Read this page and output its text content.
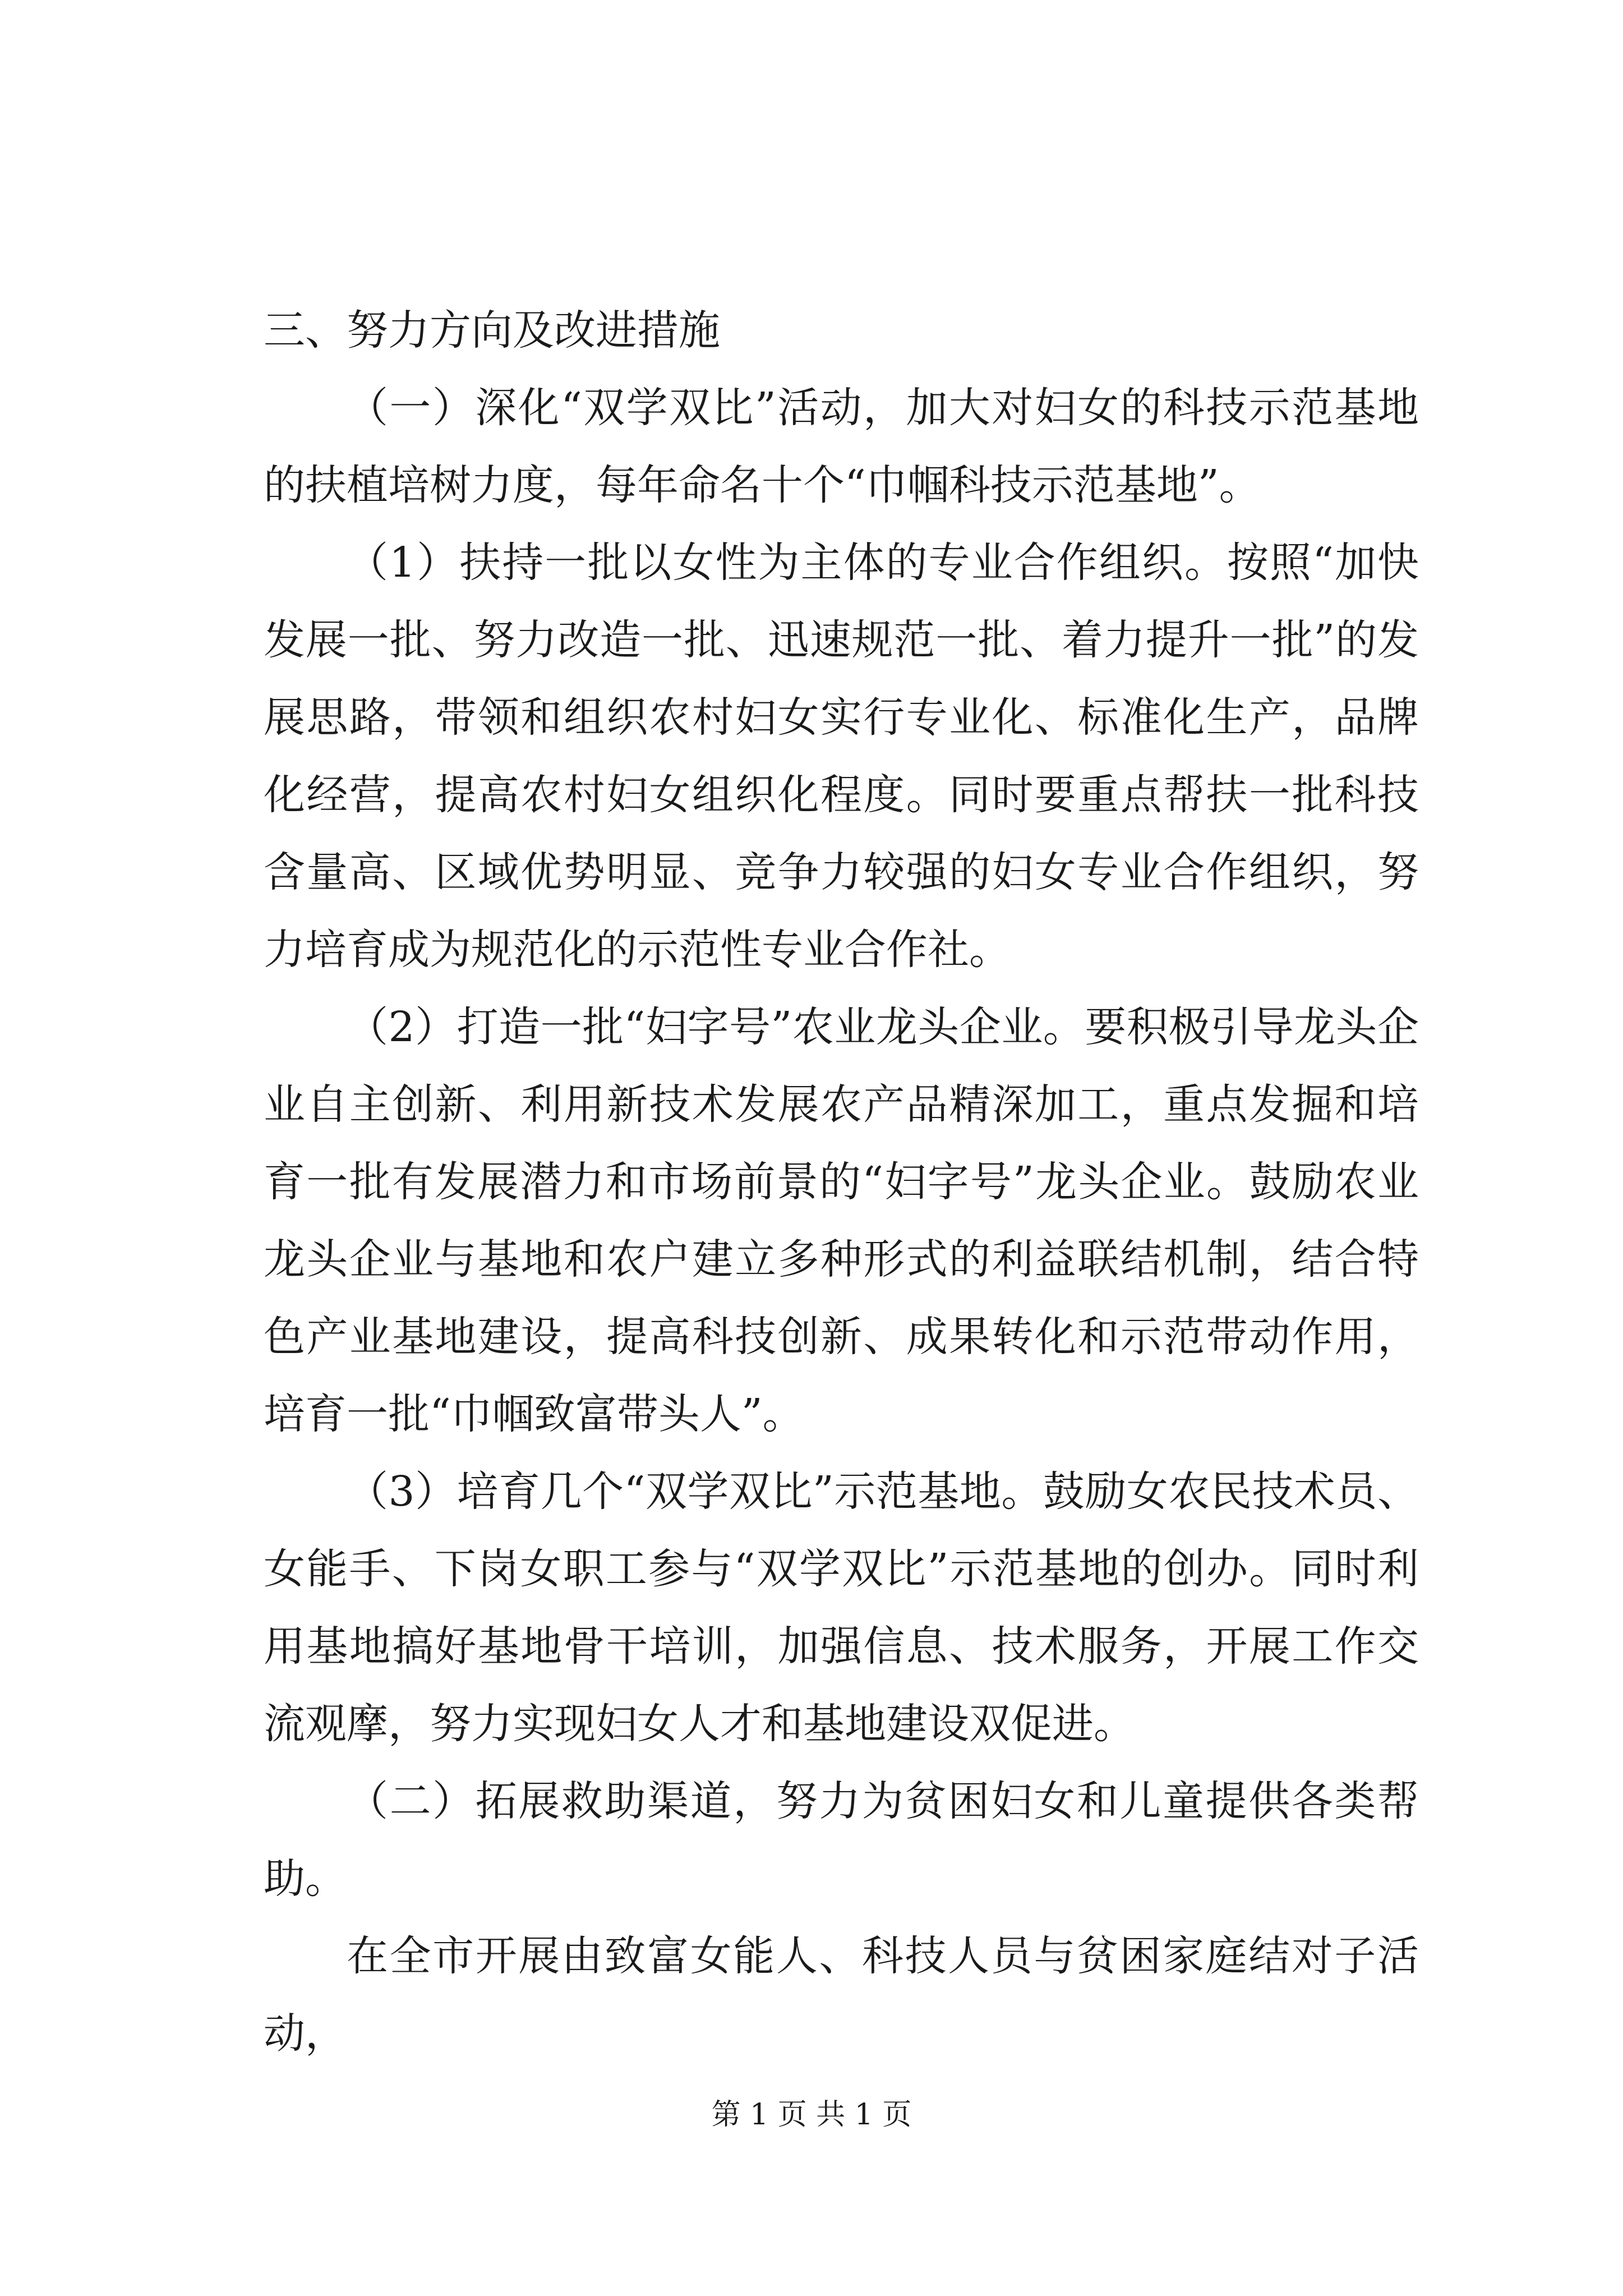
三、努力方向及改进措施

（一）深化“双学双比”活动，加大对妇女的科技示范基地的扶植培树力度，每年命名十个“巾帼科技示范基地”。

（1）扶持一批以女性为主体的专业合作组织。按照“加快发展一批、努力改造一批、迅速规范一批、着力提升一批”的发展思路，带领和组织农村妇女实行专业化、标准化生产，品牌化经营，提高农村妇女组织化程度。同时要重点帮扶一批科技含量高、区域优势明显、竞争力较强的妇女专业合作组织，努力培育成为规范化的示范性专业合作社。

（2）打造一批“妇字号”农业龙头企业。要积极引导龙头企业自主创新、利用新技术发展农产品精深加工，重点发掘和培育一批有发展潜力和市场前景的“妇字号”龙头企业。鼓励农业龙头企业与基地和农户建立多种形式的利益联结机制，结合特色产业基地建设，提高科技创新、成果转化和示范带动作用，培育一批“巾帼致富带头人”。

（3）培育几个“双学双比”示范基地。鼓励女农民技术员、女能手、下岗女职工参与“双学双比”示范基地的创办。同时利用基地搞好基地骨干培训，加强信息、技术服务，开展工作交流观摩，努力实现妇女人才和基地建设双促进。

（二）拓展救助渠道，努力为贫困妇女和儿童提供各类帮助。

在全市开展由致富女能人、科技人员与贫困家庭结对子活动，

第 1 页 共 1 页
